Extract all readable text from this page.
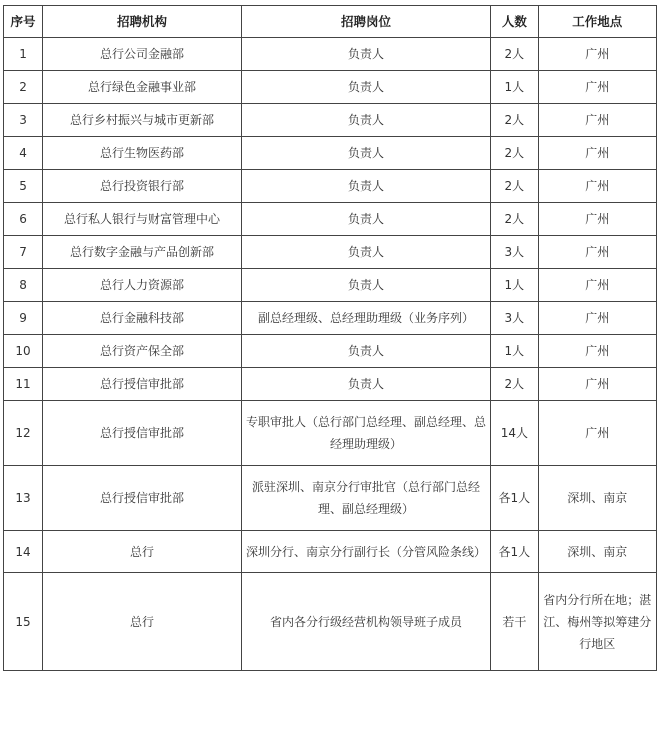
序号	招聘机构	招聘岗位	人数	工作地点
1	总行公司金融部	负责人	2人	广州
2	总行绿色金融事业部	负责人	1人	广州
3	总行乡村振兴与城市更新部	负责人	2人	广州
4	总行生物医药部	负责人	2人	广州
5	总行投资银行部	负责人	2人	广州
6	总行私人银行与财富管理中心	负责人	2人	广州
7	总行数字金融与产品创新部	负责人	3人	广州
8	总行人力资源部	负责人	1人	广州
9	总行金融科技部	副总经理级、总经理助理级（业务序列）	3人	广州
10	总行资产保全部	负责人	1人	广州
11	总行授信审批部	负责人	2人	广州
12	总行授信审批部	专职审批人（总行部门总经理、副总经理、总经理助理级）	14人	广州
13	总行授信审批部	派驻深圳、南京分行审批官（总行部门总经理、副总经理级）	各1人	深圳、南京
14	总行	深圳分行、南京分行副行长（分管风险条线）	各1人	深圳、南京
15	总行	省内各分行级经营机构领导班子成员	若干	省内分行所在地；湛江、梅州等拟筹建分行地区
